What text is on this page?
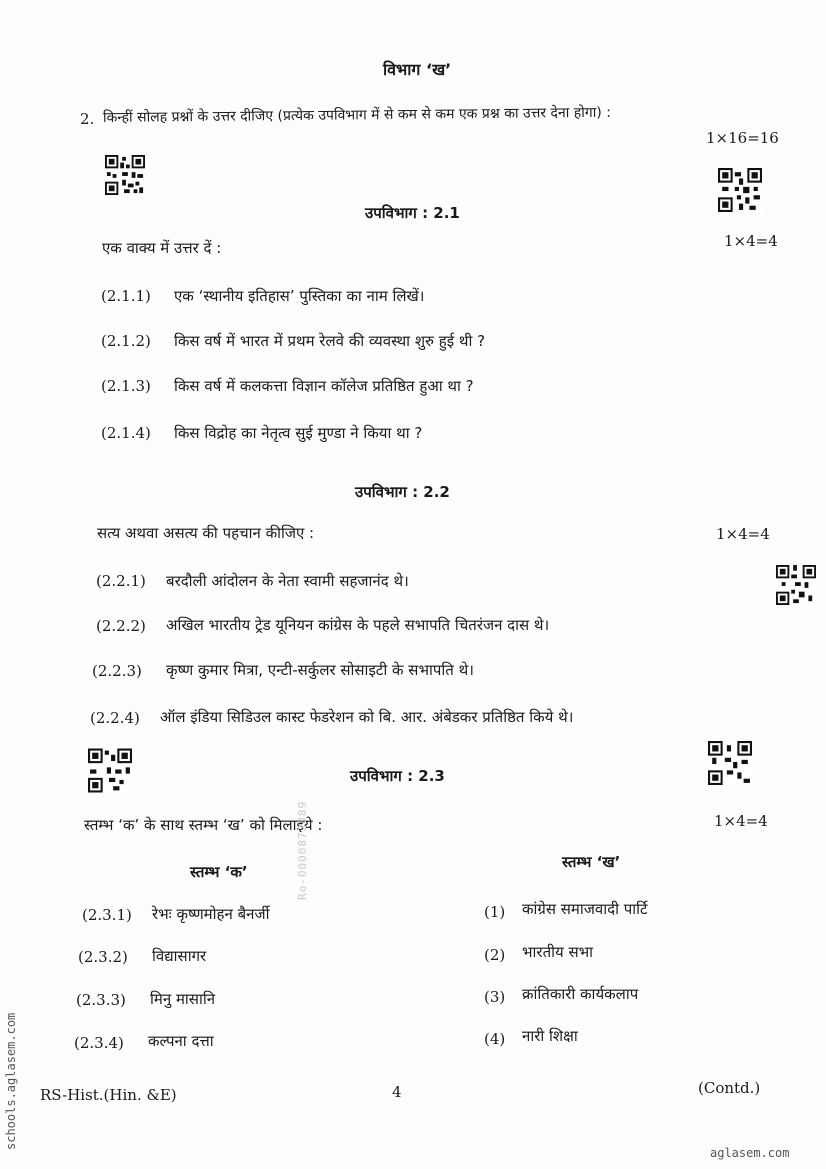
विभाग ‘ख’
2. किन्हीं सोलह प्रश्नों के उत्तर दीजिए (प्रत्येक उपविभाग में से कम से कम एक प्रश्न का उत्तर देना होगा) :
1×16=16
उपविभाग : 2.1
एक वाक्य में उत्तर दें :	1×4=4
(2.1.1) एक ‘स्थानीय इतिहास’ पुस्तिका का नाम लिखें।
(2.1.2) किस वर्ष में भारत में प्रथम रेलवे की व्यवस्था शुरु हुई थी ?
(2.1.3) किस वर्ष में कलकत्ता विज्ञान कॉलेज प्रतिष्ठित हुआ था ?
(2.1.4) किस विद्रोह का नेतृत्व सुई मुण्डा ने किया था ?
उपविभाग : 2.2
सत्य अथवा असत्य की पहचान कीजिए :	1×4=4
(2.2.1) बरदौली आंदोलन के नेता स्वामी सहजानंद थे।
(2.2.2) अखिल भारतीय ट्रेड यूनियन कांग्रेस के पहले सभापति चितरंजन दास थे।
(2.2.3) कृष्ण कुमार मित्रा, एन्टी-सर्कुलर सोसाइटी के सभापति थे।
(2.2.4) ऑल इंडिया सिडिउल कास्ट फेडरेशन को बि. आर. अंबेडकर प्रतिष्ठित किये थे।
उपविभाग : 2.3
स्तम्भ ‘क’ के साथ स्तम्भ ‘ख’ को मिलाइये :	1×4=4
स्तम्भ ‘क’
स्तम्भ ‘ख’
(2.3.1) रेभः कृष्णमोहन बैनर्जी
(2.3.2) विद्यासागर
(2.3.3) मिनु मासानि
(2.3.4) कल्पना दत्ता
(1) कांग्रेस समाजवादी पार्टि
(2) भारतीय सभा
(3) क्रांतिकारी कार्यकलाप
(4) नारी शिक्षा
RS-Hist.(Hin. &E)	4	(Contd.)
aglasem.com
schools.aglasem.com
Ro-0000872889
